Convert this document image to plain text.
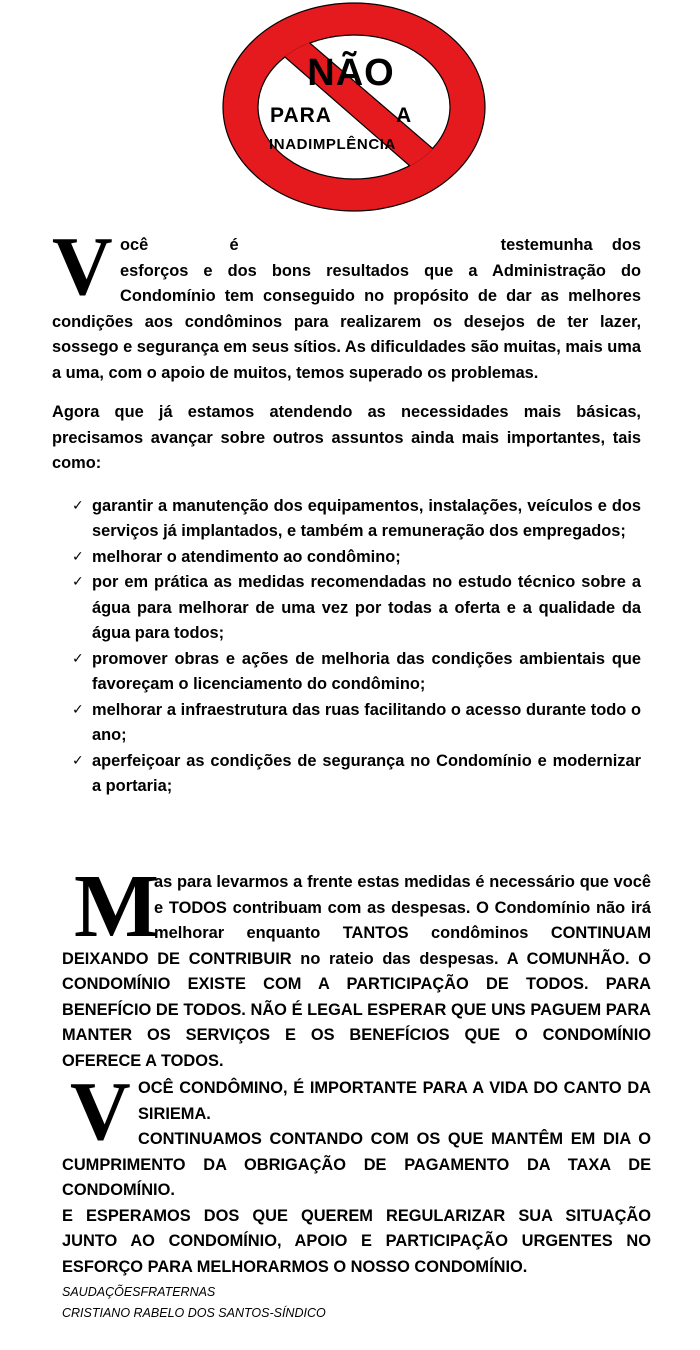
NÃO
PARA	A
INADIMPLÊNCIA

Você é	testemunha dos esforços e dos bons resultados que a Administração do Condomínio tem conseguido no propósito de dar as melhores condições aos condôminos para realizarem os desejos de ter lazer, sossego e segurança em seus sítios. As dificuldades são muitas, mais uma a uma, com o apoio de muitos, temos superado os problemas.

Agora que já estamos atendendo as necessidades mais básicas, precisamos avançar sobre outros assuntos ainda mais importantes, tais como:

✓ garantir a manutenção dos equipamentos, instalações, veículos e dos serviços já implantados, e também a remuneração dos empregados;
✓ melhorar o atendimento ao condômino;
✓ por em prática as medidas recomendadas no estudo técnico sobre a água para melhorar de uma vez por todas a oferta e a qualidade da água para todos;
✓ promover obras e ações de melhoria das condições ambientais que favoreçam o licenciamento do condômino;
✓ melhorar a infraestrutura das ruas facilitando o acesso durante todo o ano;
✓ aperfeiçoar as condições de segurança no Condomínio e modernizar a portaria;

M
as para levarmos a frente estas medidas é necessário que você e TODOS contribuam com as despesas. O Condomínio não irá melhorar enquanto TANTOS condôminos CONTINUAM DEIXANDO DE CONTRIBUIR no rateio das despesas. A COMUNHÃO. O CONDOMÍNIO EXISTE COM A PARTICIPAÇÃO DE TODOS. PARA BENEFÍCIO DE TODOS. NÃO É LEGAL ESPERAR QUE UNS PAGUEM PARA MANTER OS SERVIÇOS E OS BENEFÍCIOS QUE O CONDOMÍNIO OFERECE A TODOS.

VOCÊ CONDÔMINO, É IMPORTANTE PARA A VIDA DO CANTO DA SIRIEMA.
CONTINUAMOS CONTANDO COM OS QUE MANTÊM EM DIA O CUMPRIMENTO DA OBRIGAÇÃO DE PAGAMENTO DA TAXA DE CONDOMÍNIO.
E ESPERAMOS DOS QUE QUEREM REGULARIZAR SUA SITUAÇÃO JUNTO AO CONDOMÍNIO, APOIO E PARTICIPAÇÃO URGENTES NO ESFORÇO PARA MELHORARMOS O NOSSO CONDOMÍNIO.

SAUDAÇÕESFRATERNAS
CRISTIANO RABELO DOS SANTOS-SÍNDICO
